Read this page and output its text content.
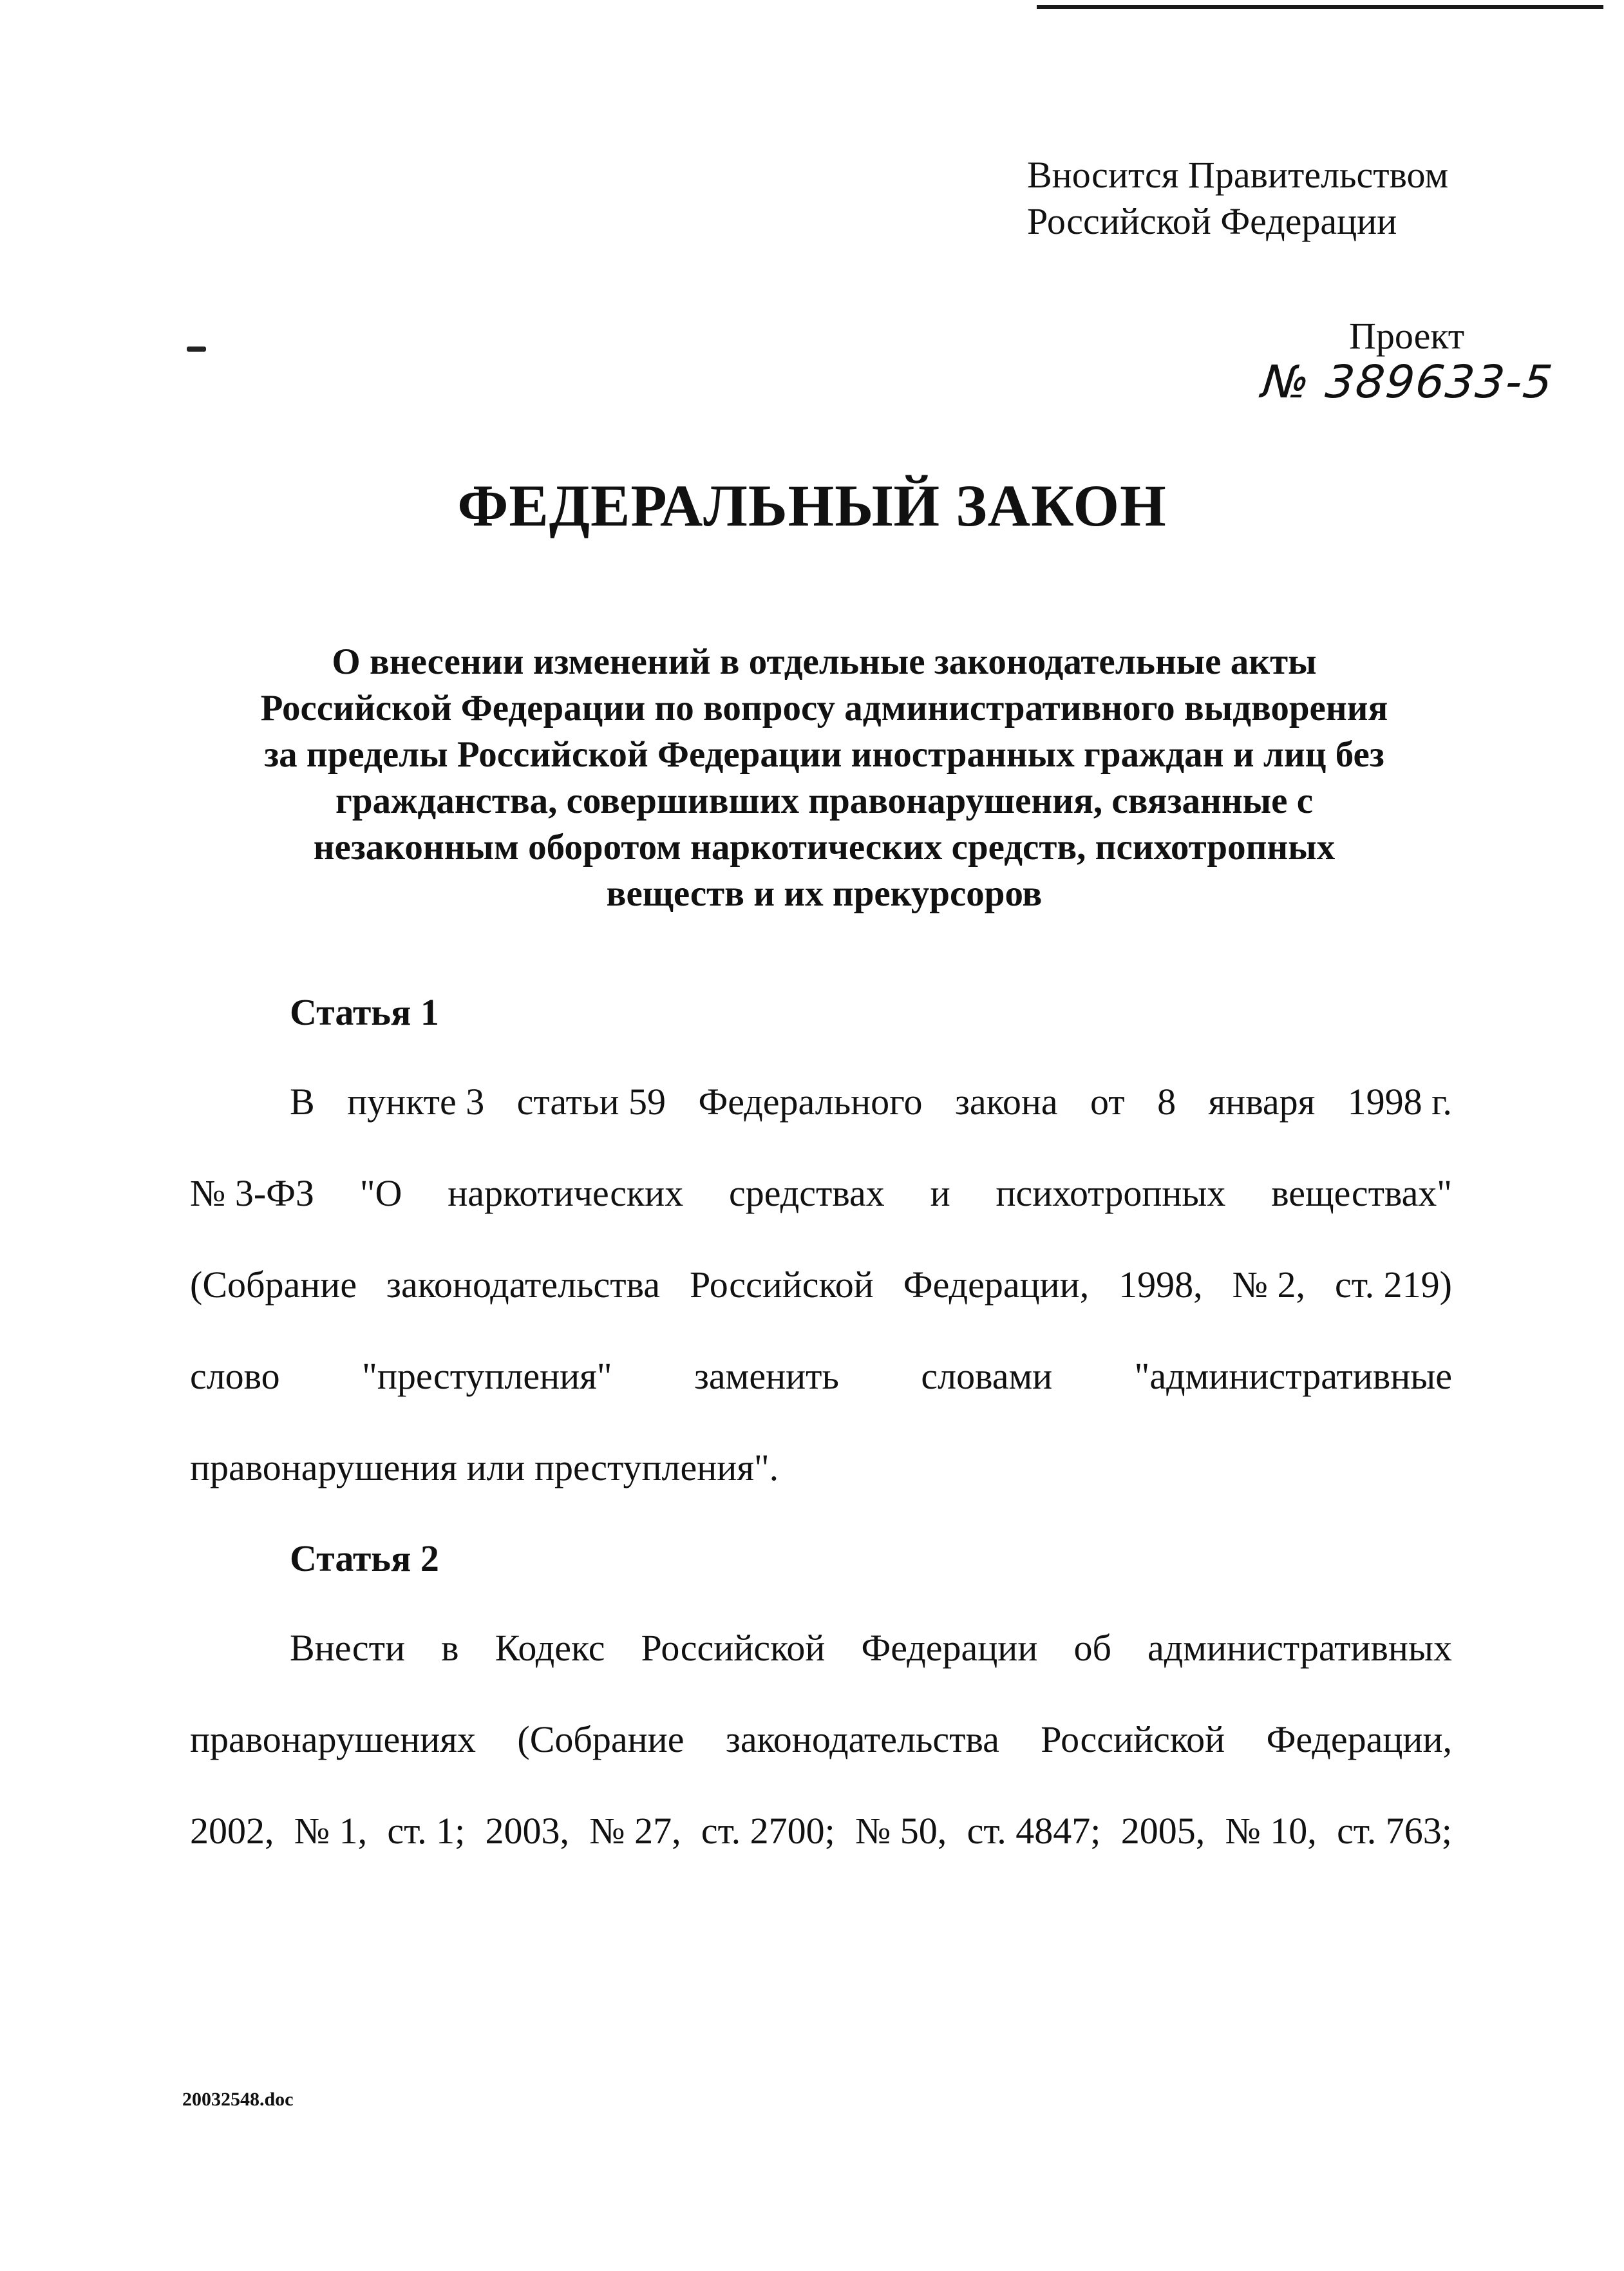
Вносится Правительством
Российской Федерации
Проект
№ 389633-5
ФЕДЕРАЛЬНЫЙ ЗАКОН
О внесении изменений в отдельные законодательные акты
Российской Федерации по вопросу административного выдворения
за пределы Российской Федерации иностранных граждан и лиц без
гражданства, совершивших правонарушения, связанные с
незаконным оборотом наркотических средств, психотропных
веществ и их прекурсоров
Статья 1
В пункте 3 статьи 59 Федерального закона от 8 января 1998 г.
№ 3-ФЗ "О наркотических средствах и психотропных веществах"
(Собрание законодательства Российской Федерации, 1998, № 2, ст. 219)
слово "преступления" заменить словами "административные
правонарушения или преступления".
Статья 2
Внести в Кодекс Российской Федерации об административных
правонарушениях (Собрание законодательства Российской Федерации,
2002, № 1, ст. 1; 2003, № 27, ст. 2700; № 50, ст. 4847; 2005, № 10, ст. 763;
20032548.doc
